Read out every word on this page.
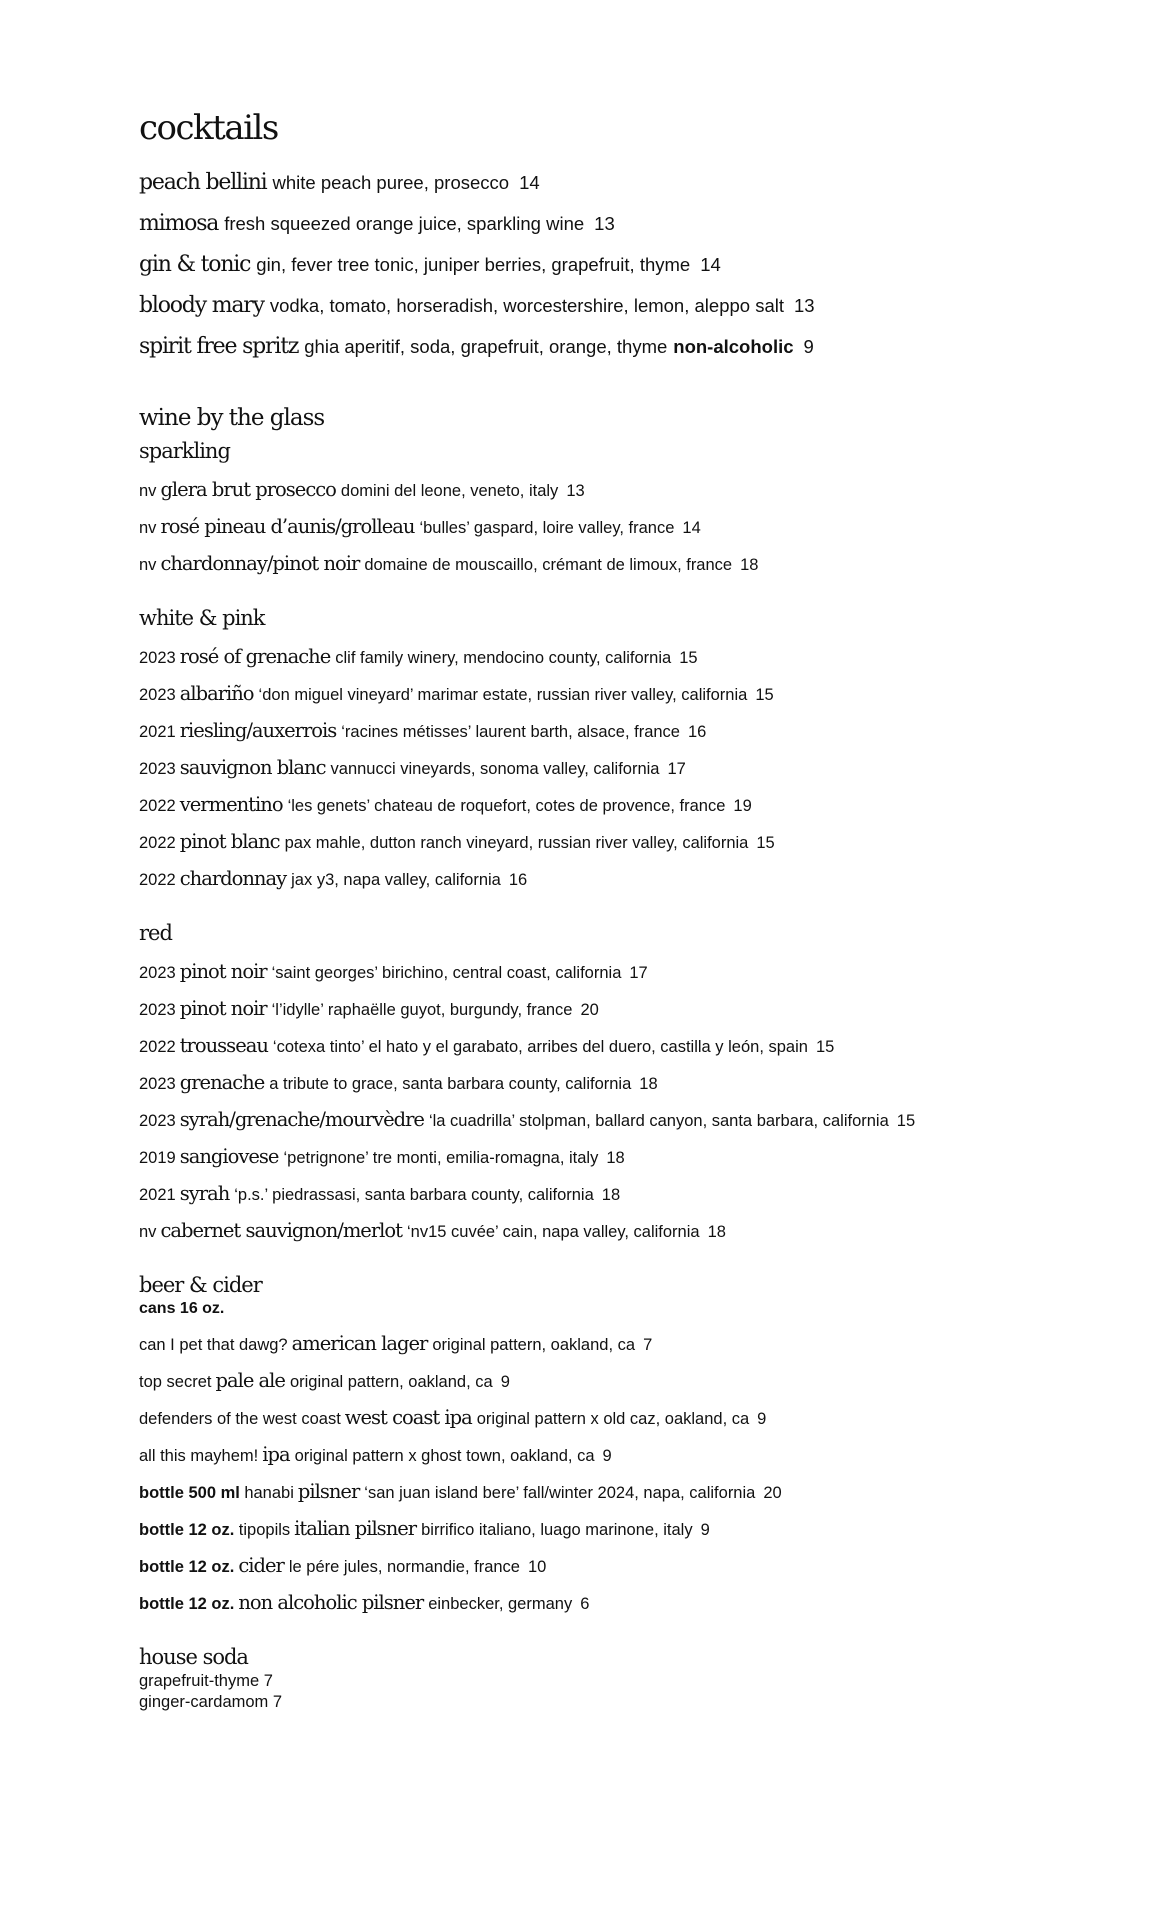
cocktails
peach bellini white peach puree, prosecco 14
mimosa fresh squeezed orange juice, sparkling wine 13
gin & tonic gin, fever tree tonic, juniper berries, grapefruit, thyme 14
bloody mary vodka, tomato, horseradish, worcestershire, lemon, aleppo salt 13
spirit free spritz ghia aperitif, soda, grapefruit, orange, thyme non-alcoholic 9
wine by the glass
sparkling
nv glera brut prosecco domini del leone, veneto, italy 13
nv rosé pineau d’aunis/grolleau ‘bulles’ gaspard, loire valley, france 14
nv chardonnay/pinot noir domaine de mouscaillo, crémant de limoux, france 18
white & pink
2023 rosé of grenache clif family winery, mendocino county, california 15
2023 albariño ‘don miguel vineyard’ marimar estate, russian river valley, california 15
2021 riesling/auxerrois ‘racines métisses’ laurent barth, alsace, france 16
2023 sauvignon blanc vannucci vineyards, sonoma valley, california 17
2022 vermentino ‘les genets’ chateau de roquefort, cotes de provence, france 19
2022 pinot blanc pax mahle, dutton ranch vineyard, russian river valley, california 15
2022 chardonnay jax y3, napa valley, california 16
red
2023 pinot noir ‘saint georges’ birichino, central coast, california 17
2023 pinot noir ‘l’idylle’ raphaëlle guyot, burgundy, france 20
2022 trousseau ‘cotexa tinto’ el hato y el garabato, arribes del duero, castilla y león, spain 15
2023 grenache a tribute to grace, santa barbara county, california 18
2023 syrah/grenache/mourvèdre ‘la cuadrilla’ stolpman, ballard canyon, santa barbara, california 15
2019 sangiovese ‘petrignone’ tre monti, emilia-romagna, italy 18
2021 syrah ‘p.s.’ piedrassasi, santa barbara county, california 18
nv cabernet sauvignon/merlot ‘nv15 cuvée’ cain, napa valley, california 18
beer & cider
cans 16 oz.
can I pet that dawg? american lager original pattern, oakland, ca 7
top secret pale ale original pattern, oakland, ca 9
defenders of the west coast west coast ipa original pattern x old caz, oakland, ca 9
all this mayhem! ipa original pattern x ghost town, oakland, ca 9
bottle 500 ml hanabi pilsner ‘san juan island bere’ fall/winter 2024, napa, california 20
bottle 12 oz. tipopils italian pilsner birrifico italiano, luago marinone, italy 9
bottle 12 oz. cider le pére jules, normandie, france 10
bottle 12 oz. non alcoholic pilsner einbecker, germany 6
house soda
grapefruit-thyme 7
ginger-cardamom 7
